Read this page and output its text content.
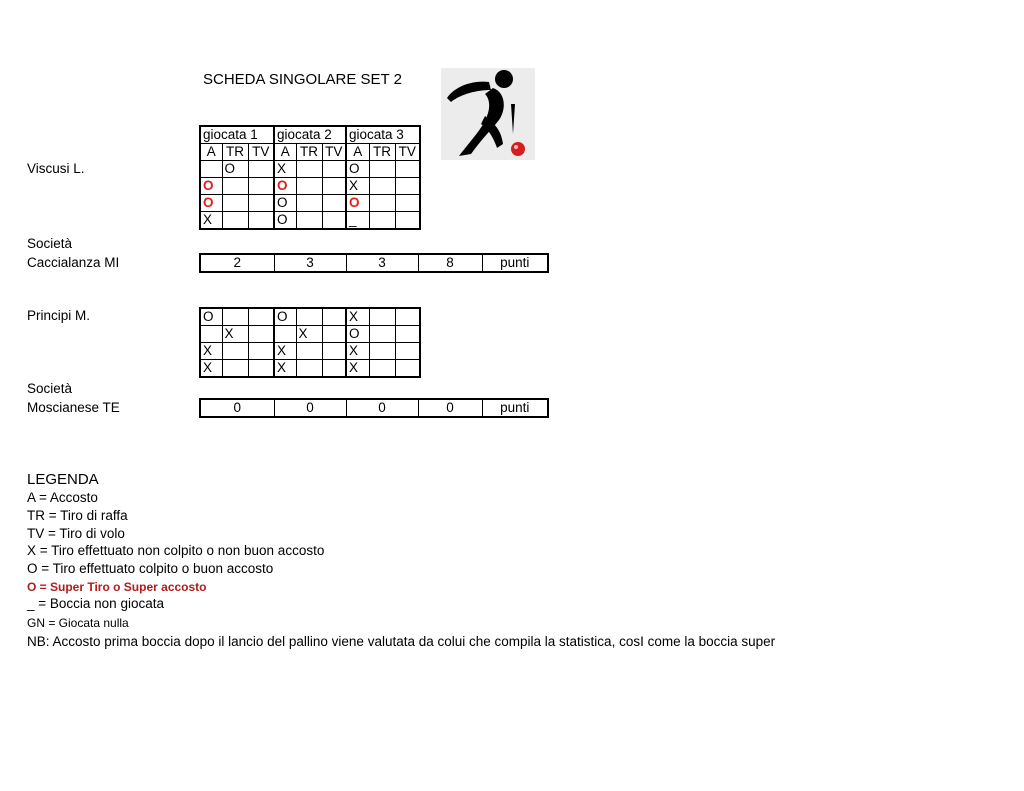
SCHEDA SINGOLARE SET 2
Viscusi L.
Società
Caccialanza MI
giocata 1			giocata 2			giocata 3		
A	TR	TV	A	TR	TV	A	TR	TV
	O		X			O		
O			O			X		
O			O			O		
X			O			_		
2	3	3	8	punti
Principi M.
Società
Moscianese TE
O			O			X		
	X			X		O		
X			X			X		
X			X			X		
0	0	0	0	punti
LEGENDA
A = Accosto
TR = Tiro di raffa
TV = Tiro di volo
X = Tiro effettuato non colpito o non buon accosto
O = Tiro effettuato colpito o buon accosto
O = Super Tiro o Super accosto
_ = Boccia non giocata
GN = Giocata nulla
NB: Accosto prima boccia dopo il lancio del pallino viene valutata da colui che compila la statistica, cosI come la boccia super
